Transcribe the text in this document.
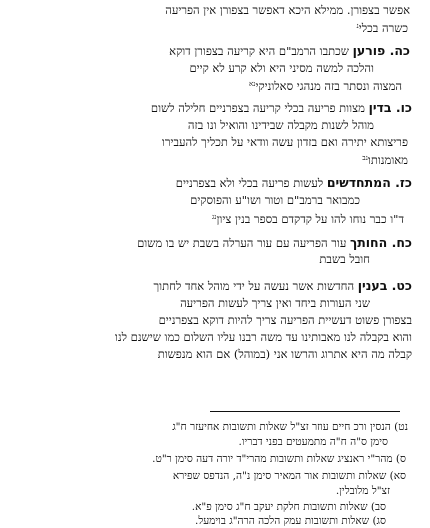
אפשר בצפורן. ממילא היכא דאפשר בצפורן אין הפריעה
כשרה בכלי$^נ$
כה. פורען שכתבו הרמב"ם היא קריעה בצפורן דוקא
והלכה למשה מסיני היא ולא קרע לא קיים
המצוה ונסתר בזה מנהגי סאלוניקי$^{נא}$
כו. בדין מצוות פריעה בכלי קריעה בצפרניים חלילה לשום
מוהל לשנות מקבלה שבידינו והואיל ונו בזה
פריצותא יתירה ואם בזדון עשה וודאי על תכליך להעבירו
מאומנותו$^{נב}$
כז. המתחדשים לעשות פריעה בכלי ולא בצפרניים
כמבואר ברמב"ם וטור ושו"ע והפוסקים
ד"ו כבר נוחו להו על קדקדם בספר בנין ציון$^{נג}$
כח. החותך עור הפריעה עם עור הערלה בשבת יש בו משום
חובל בשבת
כט. בענין החדשות אשר נעשה על ידי מוהל אחד לחתוך
שני העורות ביחד ואין צריך לעשות הפריעה
בצפורן פשוט דעשיית הפריעה צריך להיות דוקא בצפרניים
והוא בקבלה לנו מאבותינו עד משה רבנו עליו השלום כמו שישנם לנו
קבלה מה היא אתרוג והרשו אני (במוהל) אם הוא מנפשות
נט) הנסין ורכ חיים עוזר זצ"ל שאלות ותשובות אחיעזר ח"ג
סימן ס"ה ח"ה מתמעטים בפני דבריו.
ס) מהר"י ראנציג שאלות ותשובות מהרי"ד יורה דעה סימן ר"ט.
סא) שאלות ותשובות אור המאיר סימן נ"ה, הנדפס שפירא
זצ"ל מלובלין.
סב) שאלות ותשובות חלקת יעקב ח"ג סימן פ"א.
סג) שאלות ותשובות עמק הלכה הרה"ג בוימעל.
